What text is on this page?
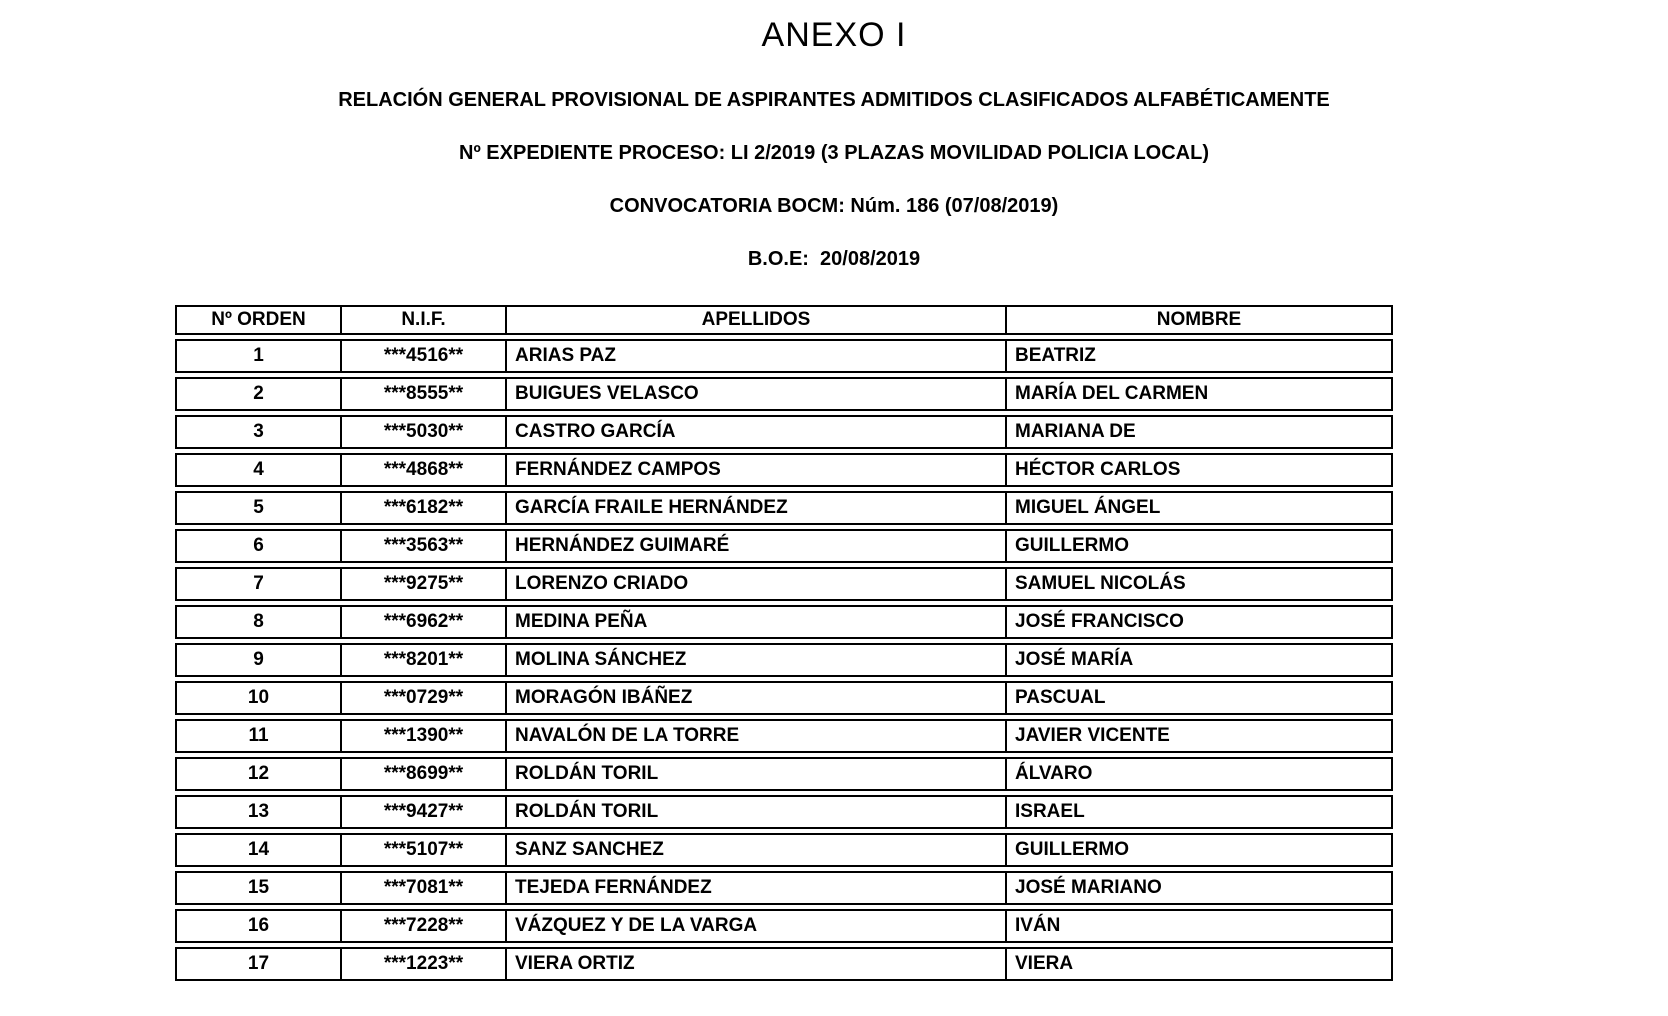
ANEXO I
RELACIÓN GENERAL PROVISIONAL DE ASPIRANTES ADMITIDOS CLASIFICADOS ALFABÉTICAMENTE
Nº EXPEDIENTE PROCESO: LI 2/2019 (3 PLAZAS MOVILIDAD POLICIA LOCAL)
CONVOCATORIA BOCM: Núm. 186 (07/08/2019)
B.O.E:  20/08/2019
Nº ORDEN	N.I.F.	APELLIDOS	NOMBRE
1	***4516**	ARIAS PAZ	BEATRIZ
2	***8555**	BUIGUES VELASCO	MARÍA DEL CARMEN
3	***5030**	CASTRO GARCÍA	MARIANA DE
4	***4868**	FERNÁNDEZ CAMPOS	HÉCTOR CARLOS
5	***6182**	GARCÍA FRAILE HERNÁNDEZ	MIGUEL ÁNGEL
6	***3563**	HERNÁNDEZ GUIMARÉ	GUILLERMO
7	***9275**	LORENZO CRIADO	SAMUEL NICOLÁS
8	***6962**	MEDINA PEÑA	JOSÉ FRANCISCO
9	***8201**	MOLINA SÁNCHEZ	JOSÉ MARÍA
10	***0729**	MORAGÓN IBÁÑEZ	PASCUAL
11	***1390**	NAVALÓN DE LA TORRE	JAVIER VICENTE
12	***8699**	ROLDÁN TORIL	ÁLVARO
13	***9427**	ROLDÁN TORIL	ISRAEL
14	***5107**	SANZ SANCHEZ	GUILLERMO
15	***7081**	TEJEDA FERNÁNDEZ	JOSÉ MARIANO
16	***7228**	VÁZQUEZ Y DE LA VARGA	IVÁN
17	***1223**	VIERA ORTIZ	VIERA
